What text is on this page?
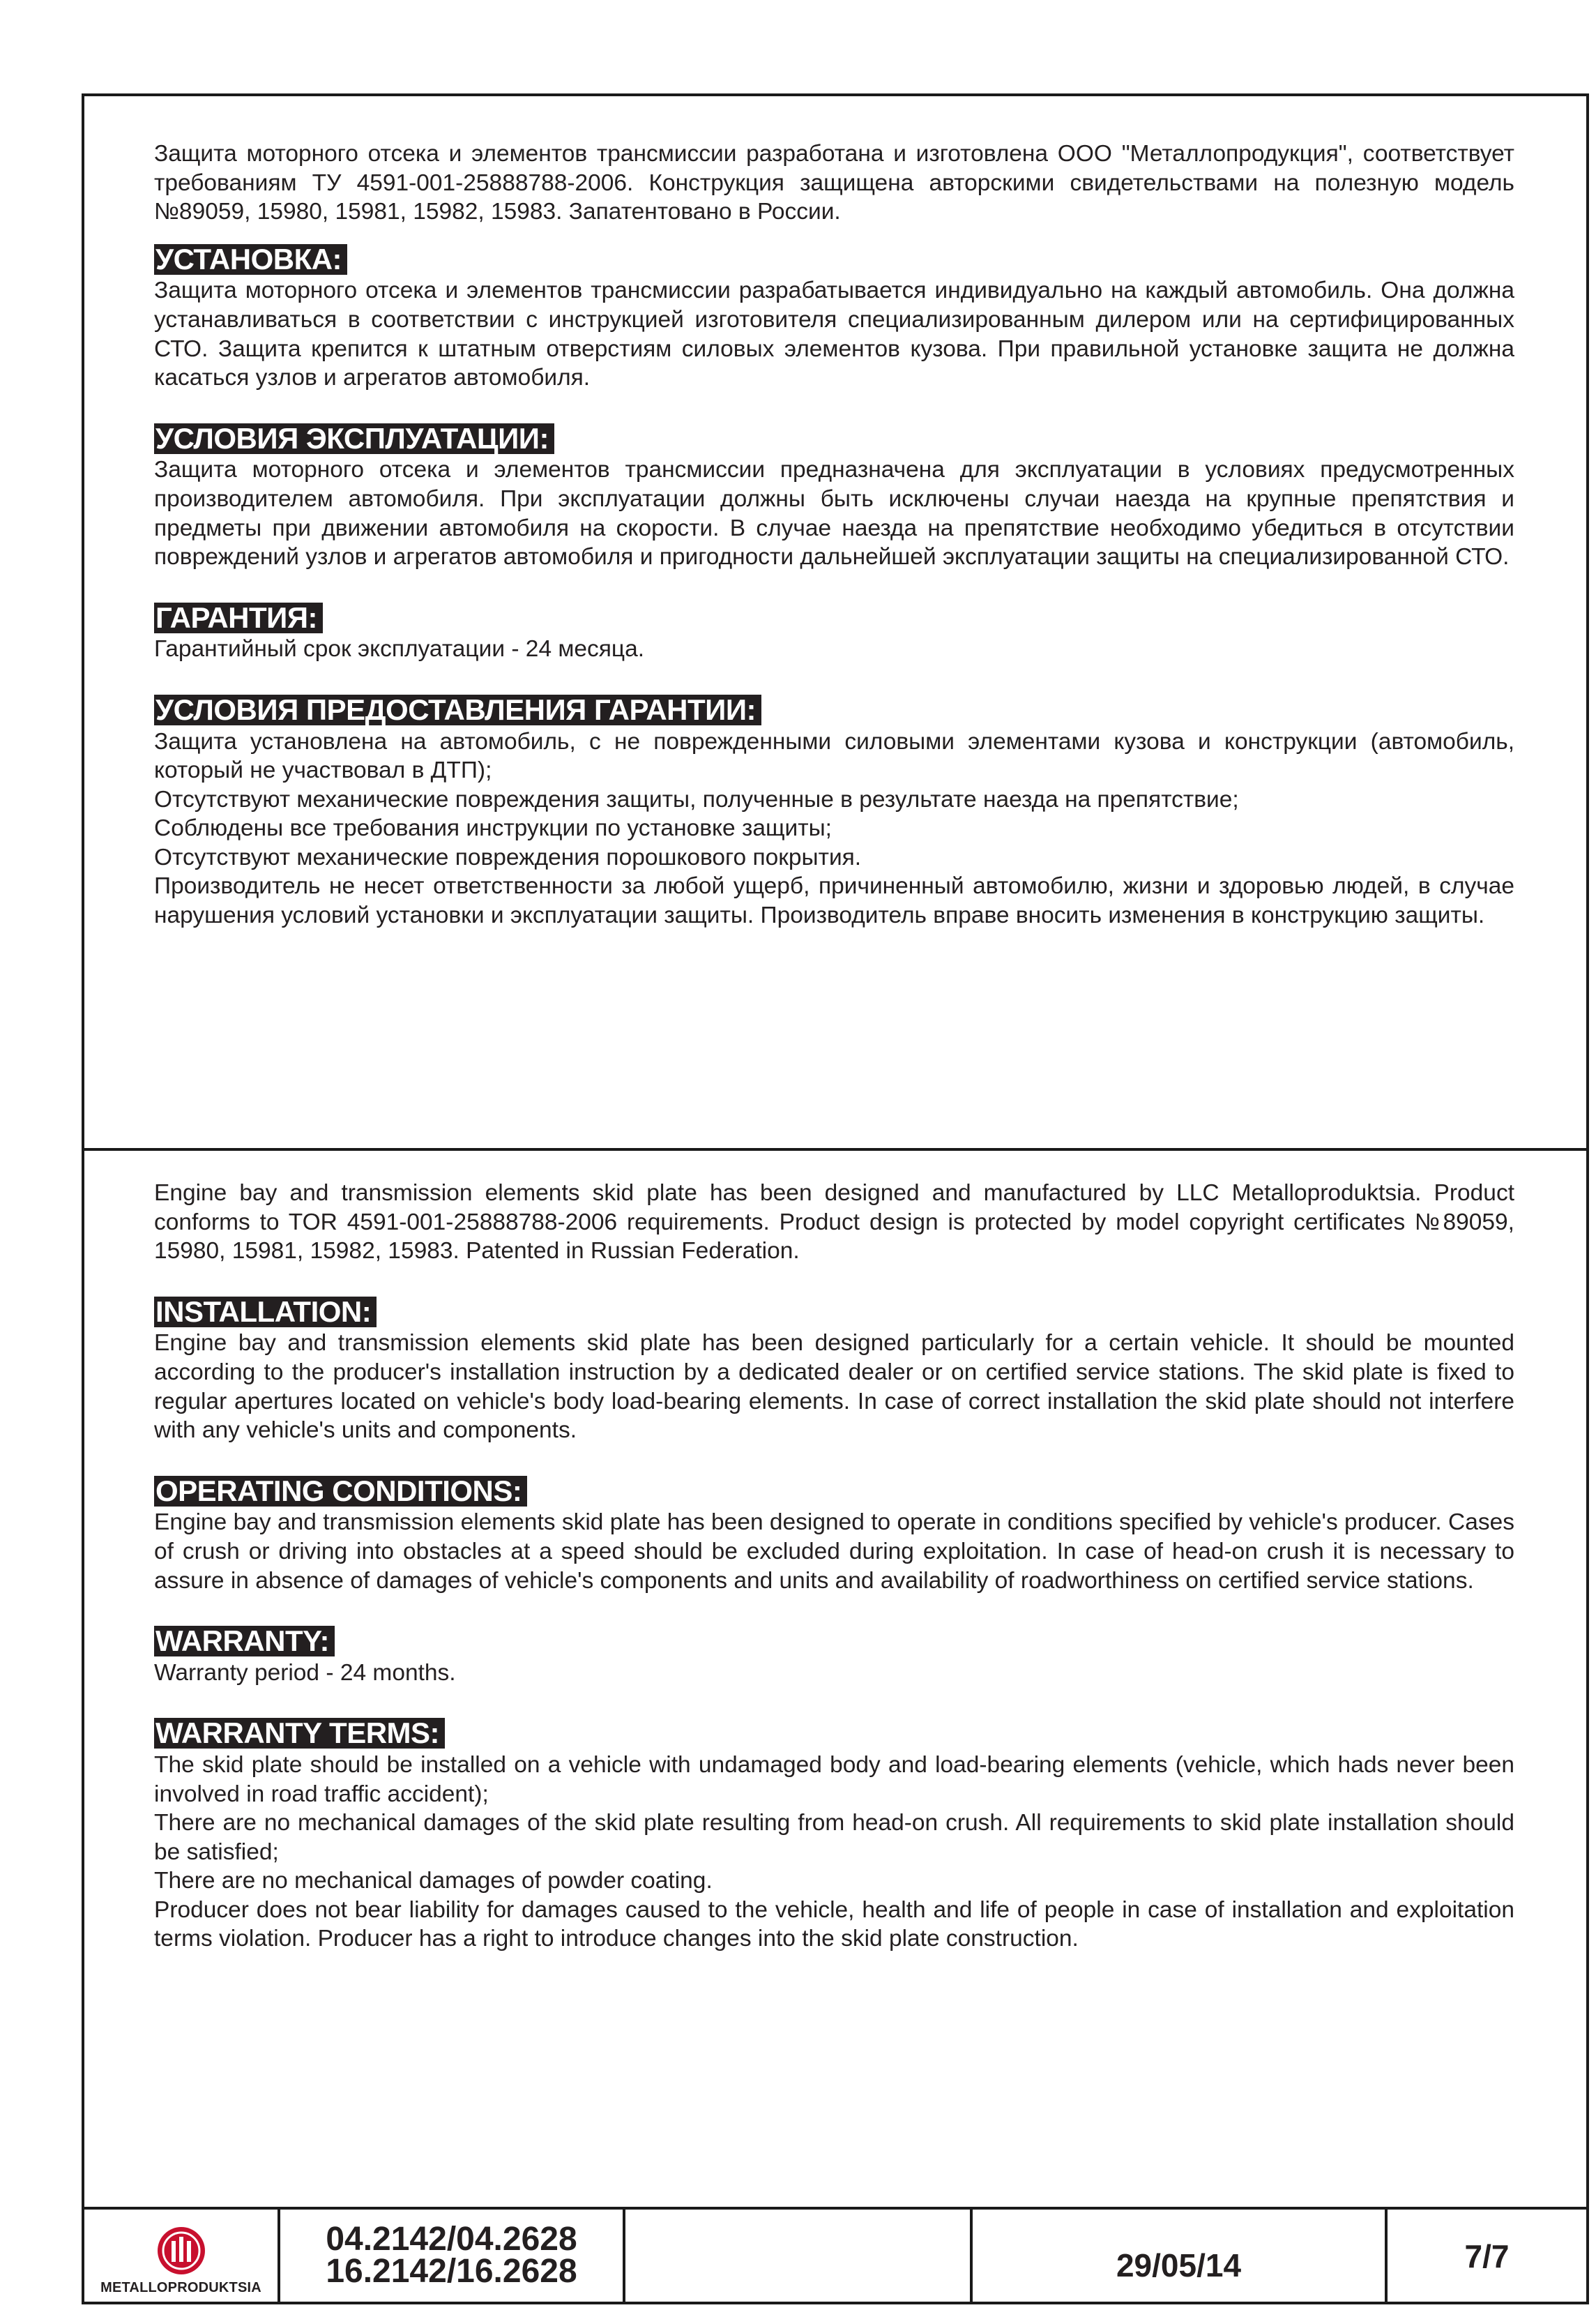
Защита моторного отсека и элементов трансмиссии разработана и изготовлена ООО "Металлопродукция", соответствует требованиям ТУ 4591-001-25888788-2006. Конструкция защищена авторскими свидетельствами на полезную модель №89059, 15980, 15981, 15982, 15983. Запатентовано в России.

УСТАНОВКА:

Защита моторного отсека и элементов трансмиссии разрабатывается индивидуально на каждый автомобиль. Она должна устанавливаться в соответствии с инструкцией изготовителя специализированным дилером или на сертифицированных СТО. Защита крепится к штатным отверстиям силовых элементов кузова. При правильной установке защита не должна касаться узлов и агрегатов автомобиля.

УСЛОВИЯ ЭКСПЛУАТАЦИИ:

Защита моторного отсека и элементов трансмиссии предназначена для эксплуатации в условиях предусмотренных производителем автомобиля. При эксплуатации должны быть исключены случаи наезда на крупные препятствия и предметы при движении автомобиля на скорости. В случае наезда на препятствие необходимо убедиться в отсутствии повреждений узлов и агрегатов автомобиля и пригодности дальнейшей эксплуатации защиты на специализированной СТО.

ГАРАНТИЯ:

Гарантийный срок эксплуатации - 24 месяца.

УСЛОВИЯ ПРЕДОСТАВЛЕНИЯ ГАРАНТИИ:

Защита установлена на автомобиль, с не поврежденными силовыми элементами кузова и конструкции (автомобиль, который не участвовал в ДТП);

Отсутствуют механические повреждения защиты, полученные в результате наезда на препятствие;

Соблюдены все требования инструкции по установке защиты;

Отсутствуют механические повреждения порошкового покрытия.

Производитель не несет ответственности за любой ущерб, причиненный автомобилю, жизни и здоровью людей, в случае нарушения условий установки и эксплуатации защиты. Производитель вправе вносить изменения в конструкцию защиты.

Engine bay and transmission elements skid plate has been designed and manufactured by LLC Metalloproduktsia. Product conforms to TOR 4591-001-25888788-2006 requirements. Product design is protected by model copyright certificates №89059, 15980, 15981, 15982, 15983. Patented in Russian Federation.

INSTALLATION:

Engine bay and transmission elements skid plate has been designed particularly for a certain vehicle. It should be mounted according to the producer's installation instruction by a dedicated dealer or on certified service stations. The skid plate is fixed to regular apertures located on vehicle's body load-bearing elements. In case of correct installation the skid plate should not interfere with any vehicle's units and components.

OPERATING CONDITIONS:

Engine bay and transmission elements skid plate has been designed to operate in conditions specified by vehicle's producer. Cases of crush or driving into obstacles at a speed should be excluded during exploitation. In case of head-on crush it is necessary to assure in absence of damages of vehicle's components and units and availability of roadworthiness on certified service stations.

WARRANTY:

Warranty period - 24 months.

WARRANTY TERMS:

The skid plate should be installed on a vehicle with undamaged body and load-bearing elements (vehicle, which hads never been involved in road traffic accident);

There are no mechanical damages of the skid plate resulting from head-on crush. All requirements to skid plate installation should be satisfied;

There are no mechanical damages of powder coating.

Producer does not bear liability for damages caused to the vehicle, health and life of people in case of installation and exploitation terms violation. Producer has a right to introduce changes into the skid plate construction.

METALLOPRODUKTSIA
04.2142/04.2628
16.2142/16.2628	29/05/14	7/7
